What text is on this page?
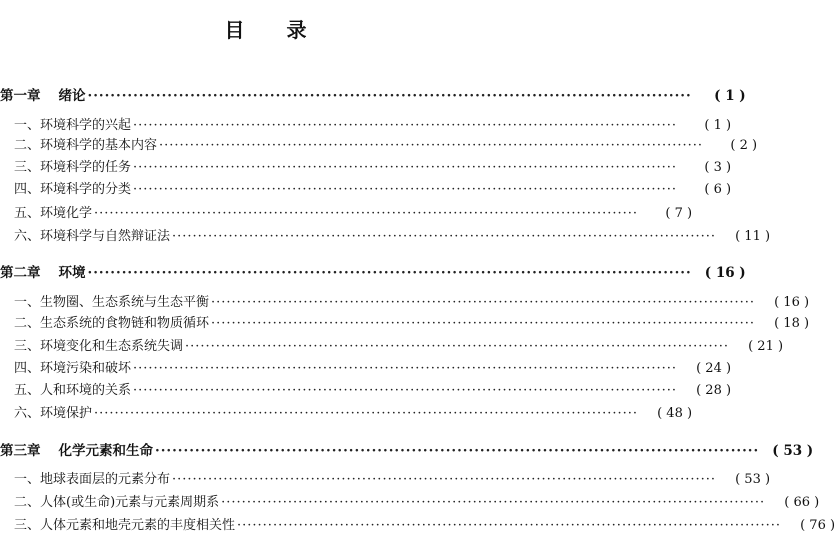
目 录
第一章 绪论 ··········································································································	( 1 )
一、 环境科学的兴起 ··········································································································	( 1 )
二、 环境科学的基本内容 ··········································································································	( 2 )
三、 环境科学的任务 ··········································································································	( 3 )
四、 环境科学的分类 ··········································································································	( 6 )
五、 环境化学 ··········································································································	( 7 )
六、 环境科学与自然辩证法 ··········································································································	( 11 )
第二章 环境 ·········································································································· ( 16 )
一、 生物圈、生态系统与生态平衡 ··········································································································	( 16 )
二、 生态系统的食物链和物质循环 ··········································································································	( 18 )
三、 环境变化和生态系统失调 ··········································································································	( 21 )
四、 环境污染和破坏 ··········································································································	( 24 )
五、 人和环境的关系 ··········································································································	( 28 )
六、 环境保护 ··········································································································	( 48 )
第三章 化学元素和生命 ·········································································································· ( 53 )
一、 地球表面层的元素分布 ··········································································································	( 53 )
二、 人体(或生命)元素与元素周期系 ··········································································································	( 66 )
三、 人体元素和地壳元素的丰度相关性 ··········································································································	( 76 )
